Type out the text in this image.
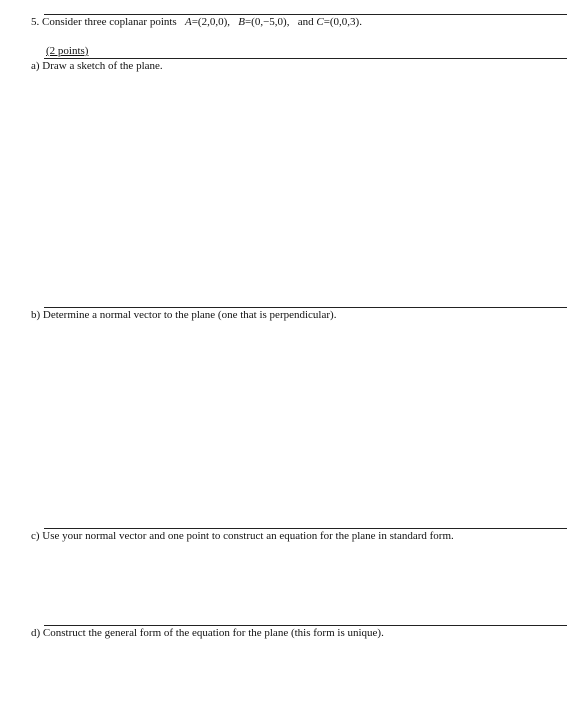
5. Consider three coplanar points A=(2,0,0), B=(0,−5,0), and C=(0,0,3).
(2 points)
a) Draw a sketch of the plane.
b) Determine a normal vector to the plane (one that is perpendicular).
c) Use your normal vector and one point to construct an equation for the plane in standard form.
d) Construct the general form of the equation for the plane (this form is unique).
